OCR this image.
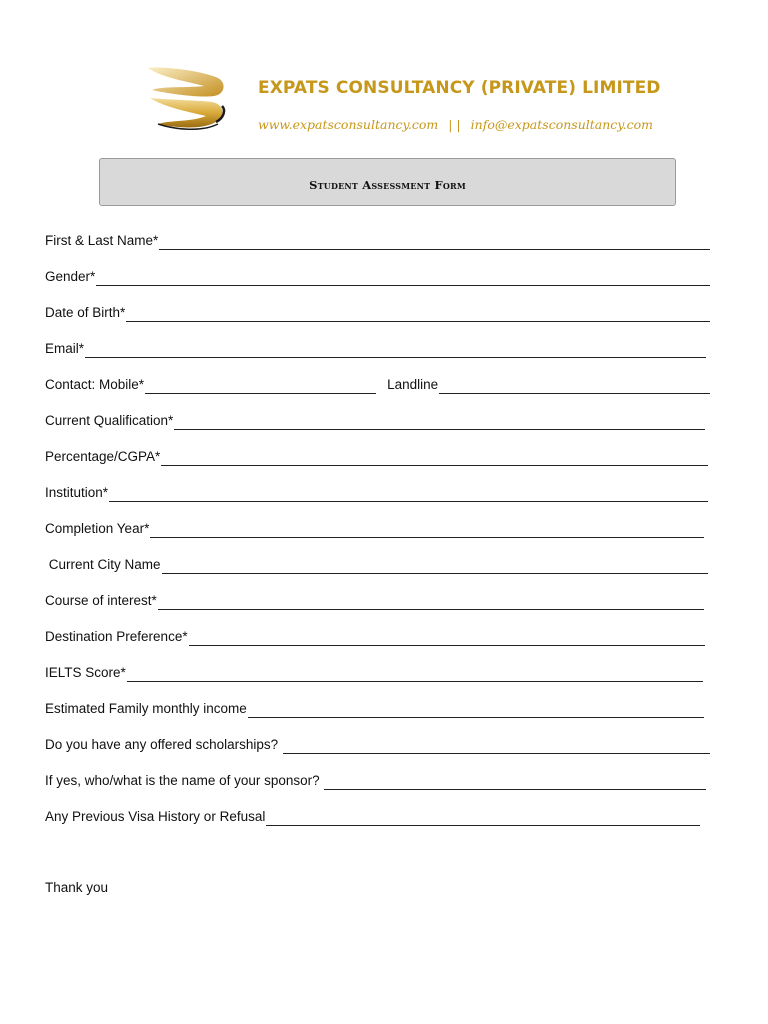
EXPATS CONSULTANCY (PRIVATE) LIMITED
www.expatsconsultancy.com | | info@expatsconsultancy.com
Student Assessment Form
First & Last Name*
Gender*
Date of Birth*
Email*
Contact: Mobile*	Landline
Current Qualification*
Percentage/CGPA*
Institution*
Completion Year*
Current City Name
Course of interest*
Destination Preference*
IELTS Score*
Estimated Family monthly income
Do you have any offered scholarships?
If yes, who/what is the name of your sponsor?
Any Previous Visa History or Refusal
Thank you
